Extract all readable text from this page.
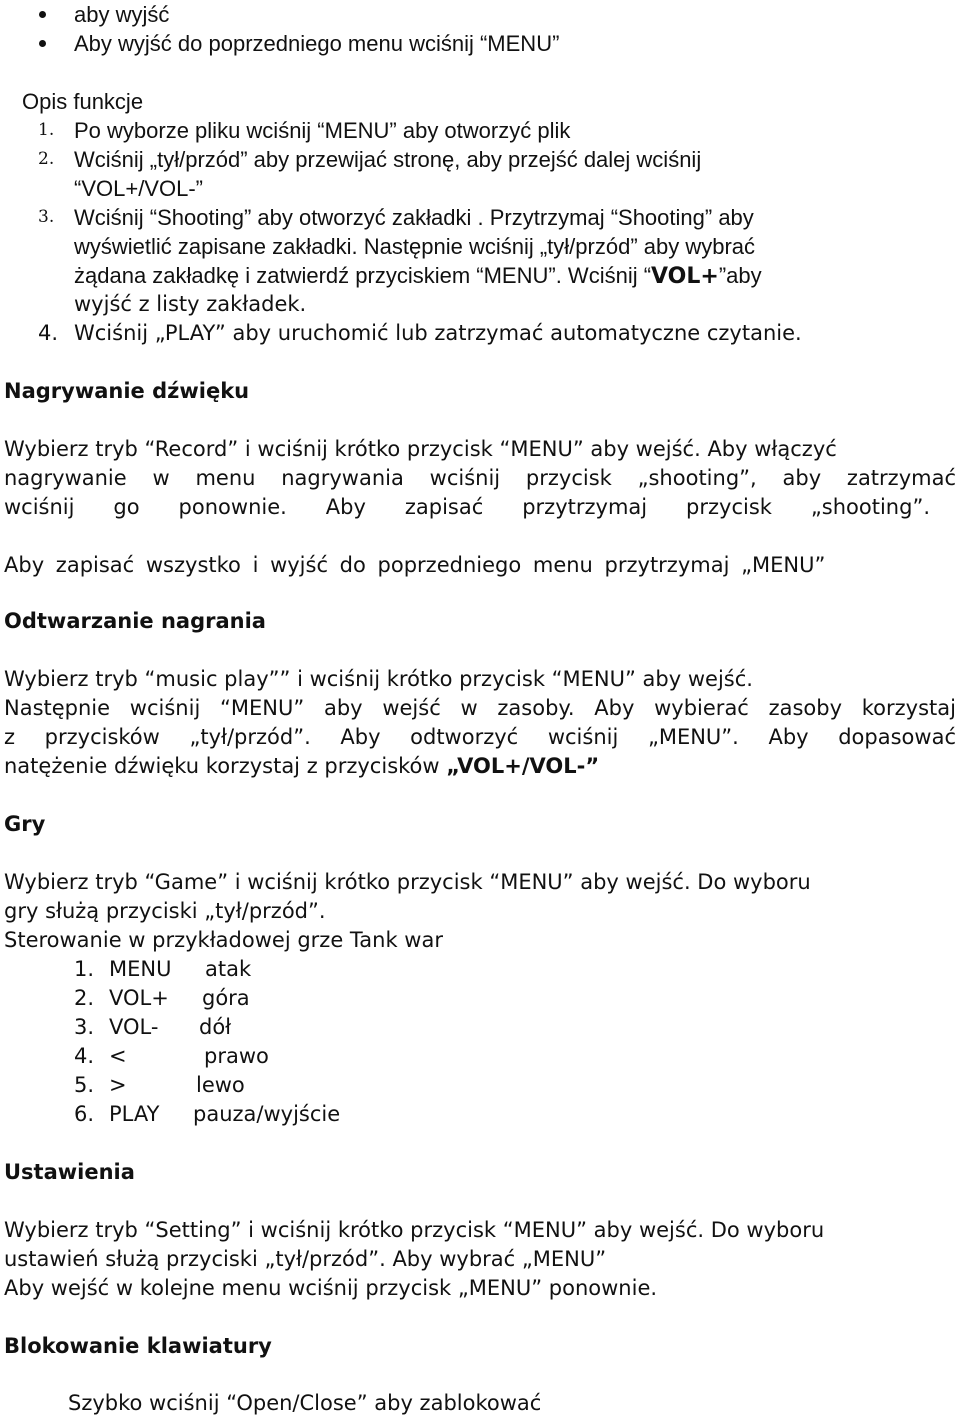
aby wyjść
Aby wyjść do poprzedniego menu wciśnij “MENU”
Opis funkcje
1. Po wyborze pliku wciśnij “MENU” aby otworzyć plik
2. Wciśnij „tył/przód” aby przewijać stronę, aby przejść dalej wciśnij
“VOL+/VOL-”
3. Wciśnij “Shooting” aby otworzyć zakładki . Przytrzymaj “Shooting” aby
wyświetlić zapisane zakładki. Następnie wciśnij „tył/przód” aby wybrać
żądana zakładkę i zatwierdź przyciskiem “MENU”. Wciśnij “VOL+”aby
wyjść z listy zakładek.
4. Wciśnij „PLAY” aby uruchomić lub zatrzymać automatyczne czytanie.
Nagrywanie dźwięku
Wybierz tryb “Record” i wciśnij krótko przycisk “MENU” aby wejść. Aby włączyć
nagrywanie w menu nagrywania wciśnij przycisk „shooting”, aby zatrzymać
wciśnij go ponownie. Aby zapisać przytrzymaj przycisk „shooting”.
Aby zapisać wszystko i wyjść do poprzedniego menu przytrzymaj „MENU”
Odtwarzanie nagrania
Wybierz tryb “music play”” i wciśnij krótko przycisk “MENU” aby wejść.
Następnie wciśnij “MENU” aby wejść w zasoby. Aby wybierać zasoby korzystaj
z przycisków „tył/przód”. Aby odtworzyć wciśnij „MENU”. Aby dopasować
natężenie dźwięku korzystaj z przycisków „VOL+/VOL-”
Gry
Wybierz tryb “Game” i wciśnij krótko przycisk “MENU” aby wejść. Do wyboru
gry służą przyciski „tył/przód”.
Sterowanie w przykładowej grze Tank war
1. MENU atak
2. VOL+ góra
3. VOL- dół
4. <	prawo
5. >	lewo
6. PLAY pauza/wyjście
Ustawienia
Wybierz tryb “Setting” i wciśnij krótko przycisk “MENU” aby wejść. Do wyboru
ustawień służą przyciski „tył/przód”. Aby wybrać „MENU”
Aby wejść w kolejne menu wciśnij przycisk „MENU” ponownie.
Blokowanie klawiatury
Szybko wciśnij “Open/Close” aby zablokować
